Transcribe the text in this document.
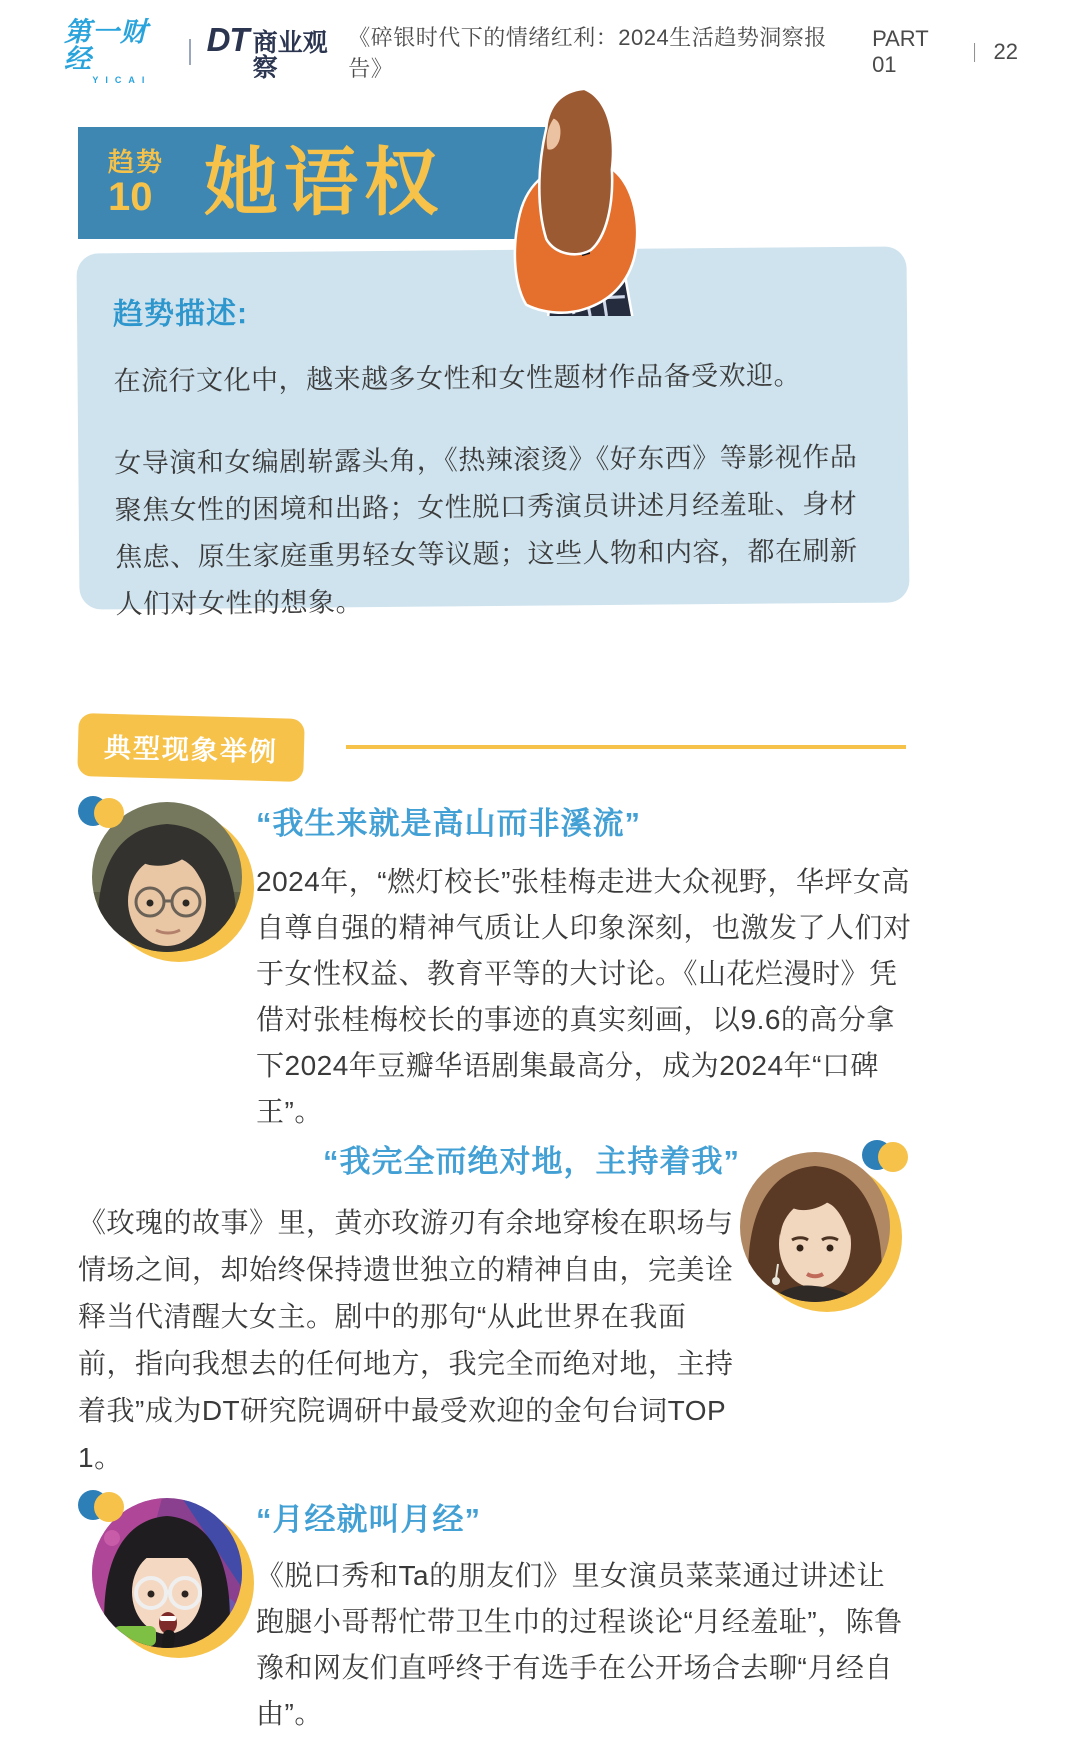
第一财经
YICAI
DT 商业观察
《碎银时代下的情绪红利：2024生活趋势洞察报告》
PART 01
| 22
趋势
10 她语权
趋势描述:
在流行文化中，越来越多女性和女性题材作品备受欢迎。
女导演和女编剧崭露头角，《热辣滚烫》《好东西》等影视作品聚焦女性的困境和出路；女性脱口秀演员讲述月经羞耻、身材焦虑、原生家庭重男轻女等议题；这些人物和内容，都在刷新人们对女性的想象。
典型现象举例
“我生来就是高山而非溪流”
2024年，“燃灯校长”张桂梅走进大众视野，华坪女高自尊自强的精神气质让人印象深刻，也激发了人们对于女性权益、教育平等的大讨论。《山花烂漫时》凭借对张桂梅校长的事迹的真实刻画，以9.6的高分拿下2024年豆瓣华语剧集最高分，成为2024年“口碑王”。
“我完全而绝对地，主持着我”
《玫瑰的故事》里，黄亦玫游刃有余地穿梭在职场与情场之间，却始终保持遗世独立的精神自由，完美诠释当代清醒大女主。剧中的那句“从此世界在我面前，指向我想去的任何地方，我完全而绝对地，主持着我”成为DT研究院调研中最受欢迎的金句台词TOP 1。
“月经就叫月经”
《脱口秀和Ta的朋友们》里女演员菜菜通过讲述让跑腿小哥帮忙带卫生巾的过程谈论“月经羞耻”，陈鲁豫和网友们直呼终于有选手在公开场合去聊“月经自由”。
